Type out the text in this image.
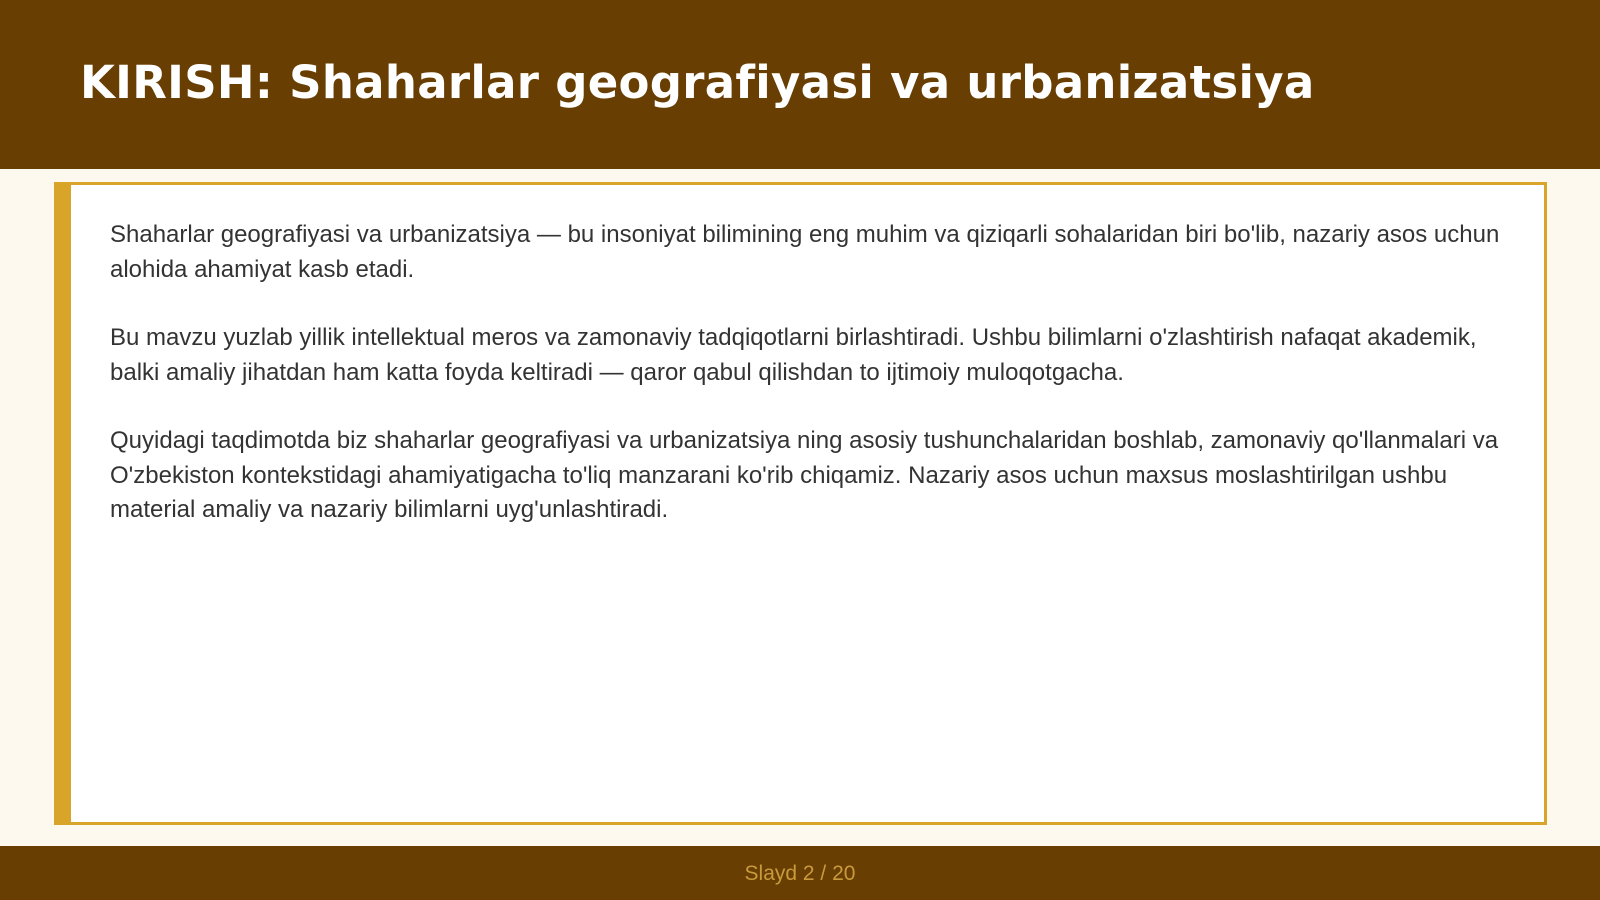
KIRISH: Shaharlar geografiyasi va urbanizatsiya

Shaharlar geografiyasi va urbanizatsiya — bu insoniyat bilimining eng muhim va qiziqarli sohalaridan biri bo'lib, nazariy asos uchun alohida ahamiyat kasb etadi.

Bu mavzu yuzlab yillik intellektual meros va zamonaviy tadqiqotlarni birlashtiradi. Ushbu bilimlarni o'zlashtirish nafaqat akademik, balki amaliy jihatdan ham katta foyda keltiradi — qaror qabul qilishdan to ijtimoiy muloqotgacha.

Quyidagi taqdimotda biz shaharlar geografiyasi va urbanizatsiya ning asosiy tushunchalaridan boshlab, zamonaviy qo'llanmalari va O'zbekiston kontekstidagi ahamiyatigacha to'liq manzarani ko'rib chiqamiz. Nazariy asos uchun maxsus moslashtirilgan ushbu material amaliy va nazariy bilimlarni uyg'unlashtiradi.

Slayd 2 / 20
